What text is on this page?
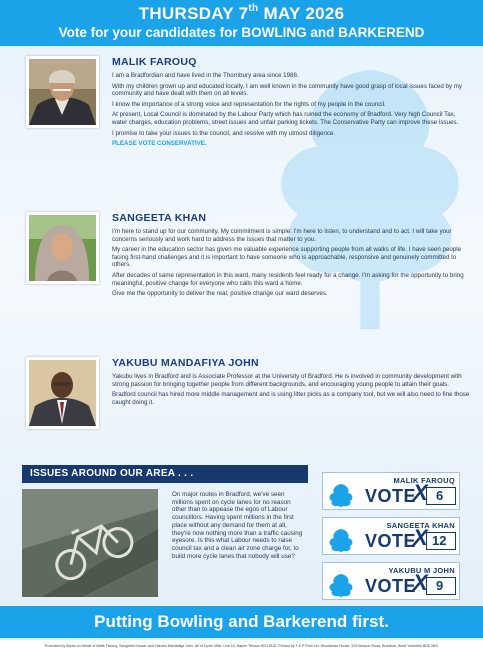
THURSDAY 7th MAY 2026
Vote for your candidates for BOWLING and BARKEREND
MALIK FAROUQ

I am a Bradfordian and have lived in the Thornbury area since 1988.

With my children grown up and educated locally, I am well known in the community have good grasp of local issues faced by my community and have dealt with them on all levels.

I know the importance of a strong voice and representation for the rights of my people in the council.

At present, Local Council is dominated by the Labour Party which has ruined the economy of Bradford. Very high Council Tax, water charges, education problems, street issues and unfair parking tickets. The Conservative Party can improve these issues.

I promise to take your issues to the council, and resolve with my utmost diligence.

PLEASE VOTE CONSERVATIVE.

SANGEETA KHAN

I'm here to stand up for our community. My commitment is simple: I'm here to listen, to understand and to act. I will take your concerns seriously and work hard to address the issues that matter to you.

My career in the education sector has given me valuable experience supporting people from all walks of life. I have seen people facing first-hand challenges and it is important to have someone who is approachable, responsive and genuinely committed to others.

After decades of same representation in this ward, many residents feel ready for a change. I'm asking for the opportunity to bring meaningful, positive change for everyone who calls this ward a home.

Give me the opportunity to deliver the real, positive change our ward deserves.

YAKUBU MANDAFIYA JOHN

Yakubu lives in Bradford and is Associate Professor at the University of Bradford. He is involved in community development with strong passion for bringing together people from different backgrounds, and encouraging young people to attain their goals.

Bradford council has hired more middle management and is using litter picks as a company tool, but we will also need to fine those caught doing it.

ISSUES AROUND OUR AREA . . .
On major routes in Bradford, we've seen millions spent on cycle lanes for no reason other than to appease the egos of Labour councillors. Having spent millions in the first place without any demand for them at all, they're now nothing more than a traffic causing eyesore. Is this what Labour needs to raise council tax and a clean air zone charge for, to build more cycle lanes that nobody will use?
MALIK FAROUQ
VOTE	6
X
SANGEETA KHAN
VOTE	12
X
YAKUBU M JOHN
VOTE	9
X
Putting Bowling and Barkerend first.
Promoted by Aliyes on behalf of Malik Farouq, Sangeeta Kauser and Yakubu Mandafiya John. All of Kyme Mills, Unit 16, Napier Terrace BD3 8DD. Printed by T & P Print Ltd, Woodhead House, 529 Beacon Road, Bradford, West Yorkshire BD6 3NG
